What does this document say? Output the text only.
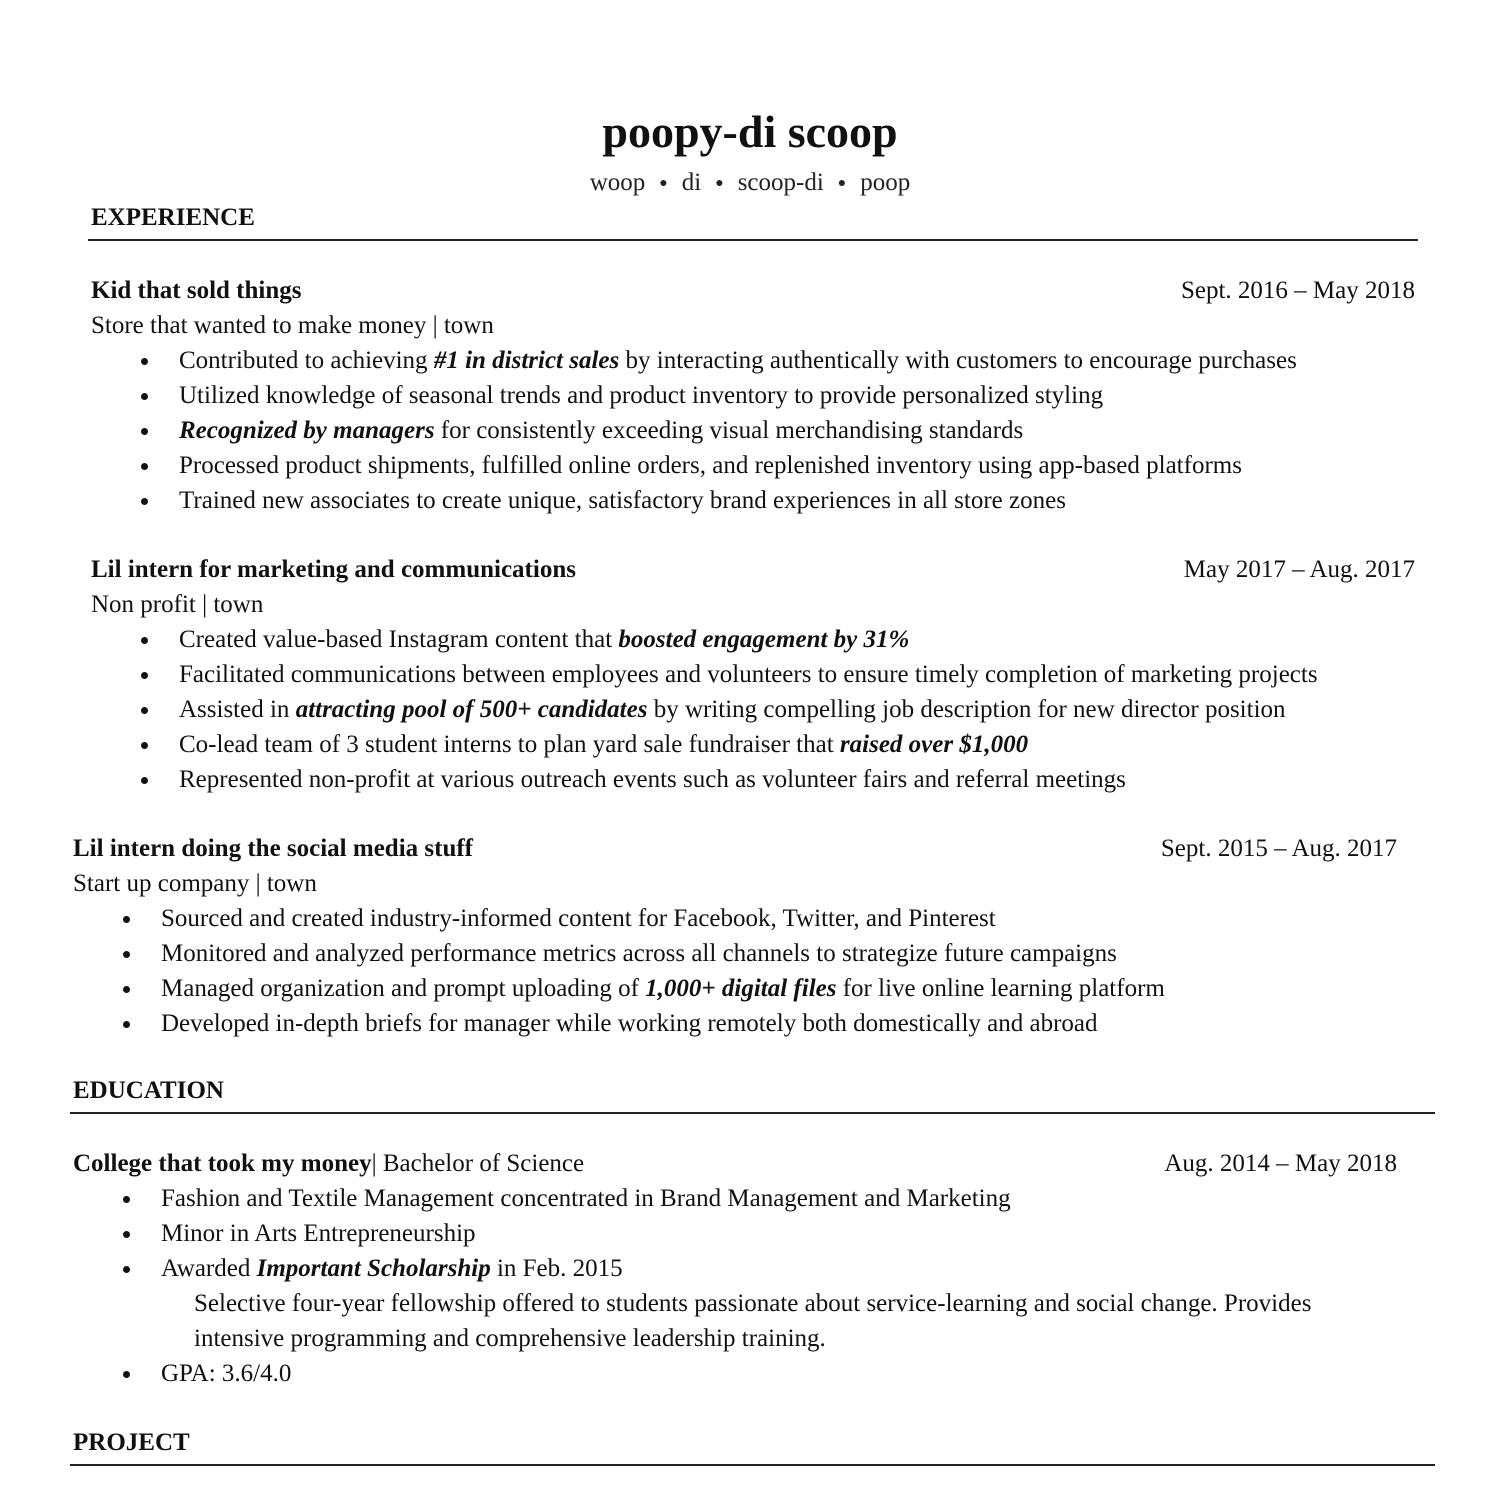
poopy-di scoop
woop ● di ● scoop-di ● poop
EXPERIENCE
Kid that sold things	Sept. 2016 – May 2018
Store that wanted to make money | town
Contributed to achieving #1 in district sales by interacting authentically with customers to encourage purchases
Utilized knowledge of seasonal trends and product inventory to provide personalized styling
Recognized by managers for consistently exceeding visual merchandising standards
Processed product shipments, fulfilled online orders, and replenished inventory using app-based platforms
Trained new associates to create unique, satisfactory brand experiences in all store zones
Lil intern for marketing and communications	May 2017 – Aug. 2017
Non profit | town
Created value-based Instagram content that boosted engagement by 31%
Facilitated communications between employees and volunteers to ensure timely completion of marketing projects
Assisted in attracting pool of 500+ candidates by writing compelling job description for new director position
Co-lead team of 3 student interns to plan yard sale fundraiser that raised over $1,000
Represented non-profit at various outreach events such as volunteer fairs and referral meetings
Lil intern doing the social media stuff	Sept. 2015 – Aug. 2017
Start up company | town
Sourced and created industry-informed content for Facebook, Twitter, and Pinterest
Monitored and analyzed performance metrics across all channels to strategize future campaigns
Managed organization and prompt uploading of 1,000+ digital files for live online learning platform
Developed in-depth briefs for manager while working remotely both domestically and abroad
EDUCATION
College that took my money| Bachelor of Science	Aug. 2014 – May 2018
Fashion and Textile Management concentrated in Brand Management and Marketing
Minor in Arts Entrepreneurship
Awarded Important Scholarship in Feb. 2015
Selective four-year fellowship offered to students passionate about service-learning and social change. Provides
intensive programming and comprehensive leadership training.
GPA: 3.6/4.0
PROJECT
